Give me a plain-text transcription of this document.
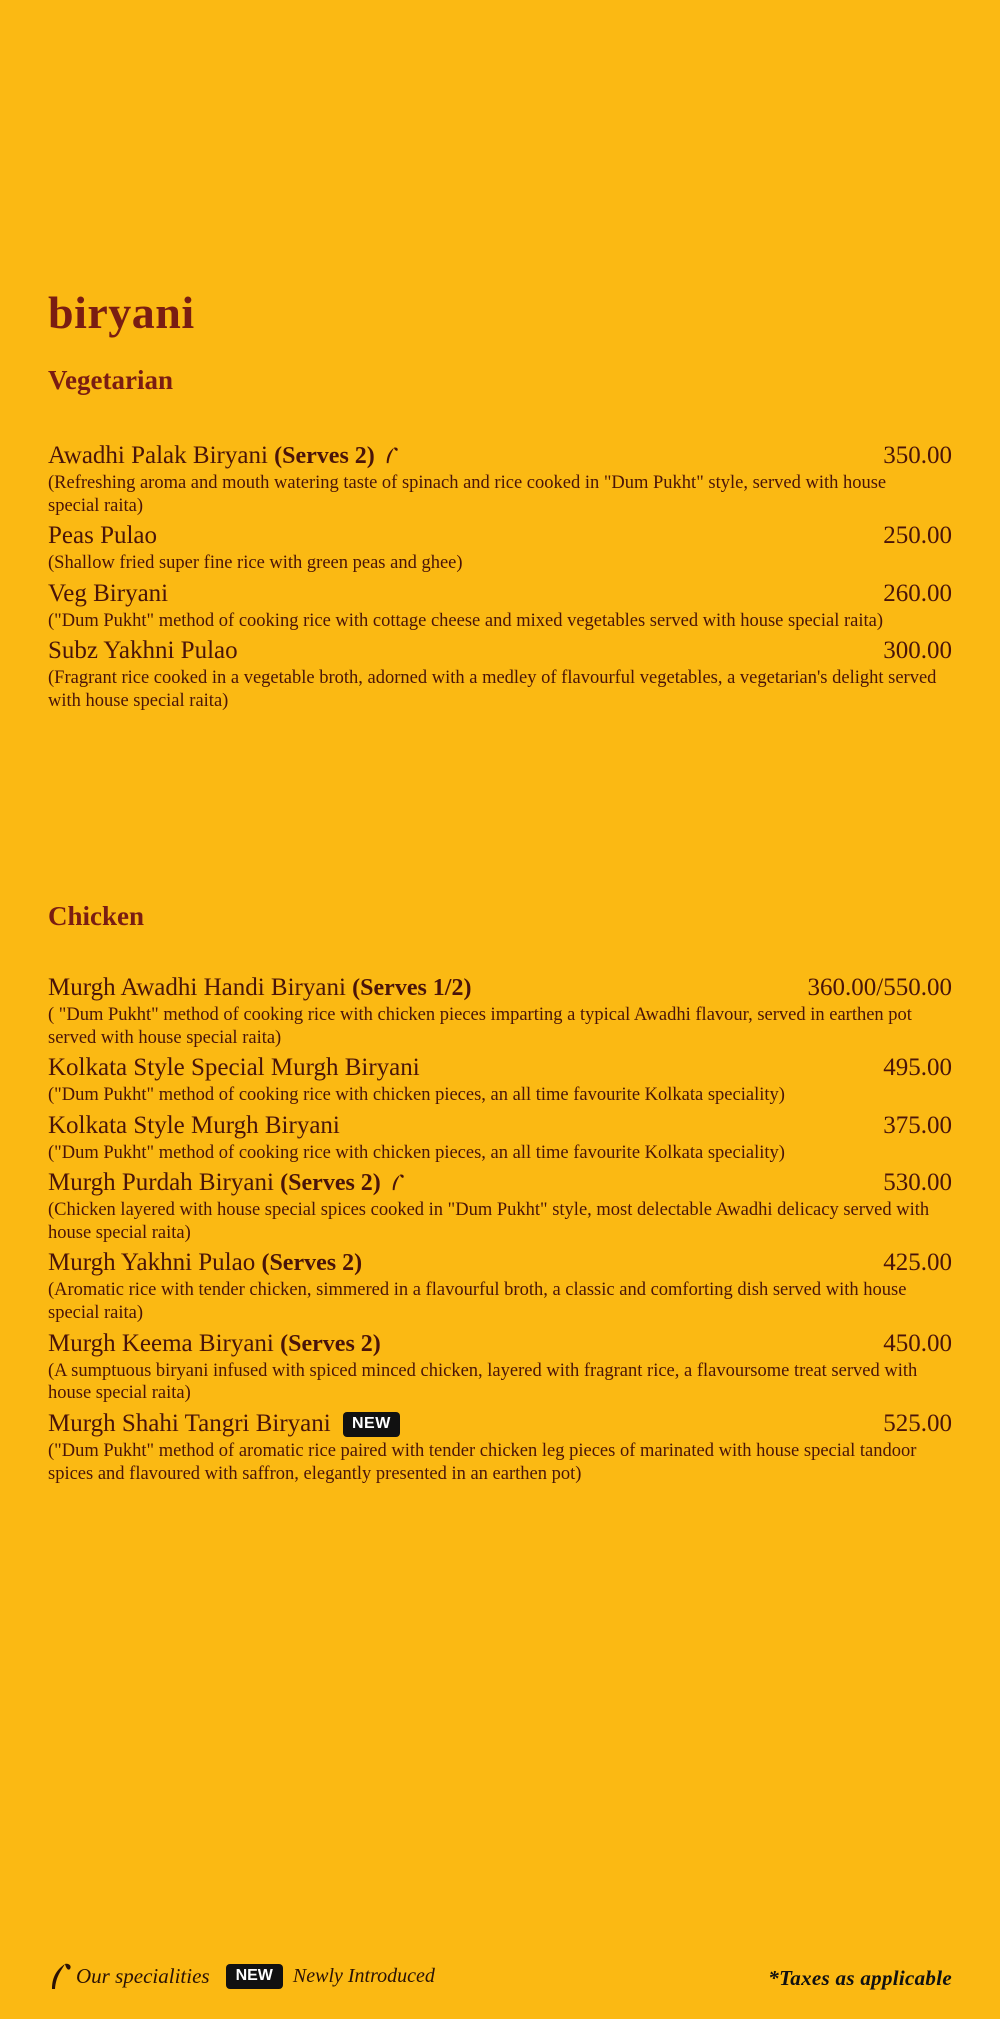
biryani
Vegetarian
Awadhi Palak Biryani (Serves 2)	350.00
(Refreshing aroma and mouth watering taste of spinach and rice cooked in "Dum Pukht" style, served with house special raita)
Peas Pulao	250.00
(Shallow fried super fine rice with green peas and ghee)
Veg Biryani	260.00
("Dum Pukht" method of cooking rice with cottage cheese and mixed vegetables served with house special raita)
Subz Yakhni Pulao	300.00
(Fragrant rice cooked in a vegetable broth, adorned with a medley of flavourful vegetables, a vegetarian's delight served with house special raita)
Chicken
Murgh Awadhi Handi Biryani (Serves 1/2)	360.00/550.00
( "Dum Pukht" method of cooking rice with chicken pieces imparting a typical Awadhi flavour, served in earthen pot served with house special raita)
Kolkata Style Special Murgh Biryani	495.00
("Dum Pukht" method of cooking rice with chicken pieces, an all time favourite Kolkata speciality)
Kolkata Style Murgh Biryani	375.00
("Dum Pukht" method of cooking rice with chicken pieces, an all time favourite Kolkata speciality)
Murgh Purdah Biryani (Serves 2)	530.00
(Chicken layered with house special spices cooked in "Dum Pukht" style, most delectable Awadhi delicacy served with house special raita)
Murgh Yakhni Pulao (Serves 2)	425.00
(Aromatic rice with tender chicken, simmered in a flavourful broth, a classic and comforting dish served with house special raita)
Murgh Keema Biryani (Serves 2)	450.00
(A sumptuous biryani infused with spiced minced chicken, layered with fragrant rice, a flavoursome treat served with house special raita)
Murgh Shahi Tangri Biryani NEW	525.00
("Dum Pukht" method of aromatic rice paired with tender chicken leg pieces of marinated with house special tandoor spices and flavoured with saffron, elegantly presented in an earthen pot)
Our specialities	NEW	Newly Introduced	*Taxes as applicable
